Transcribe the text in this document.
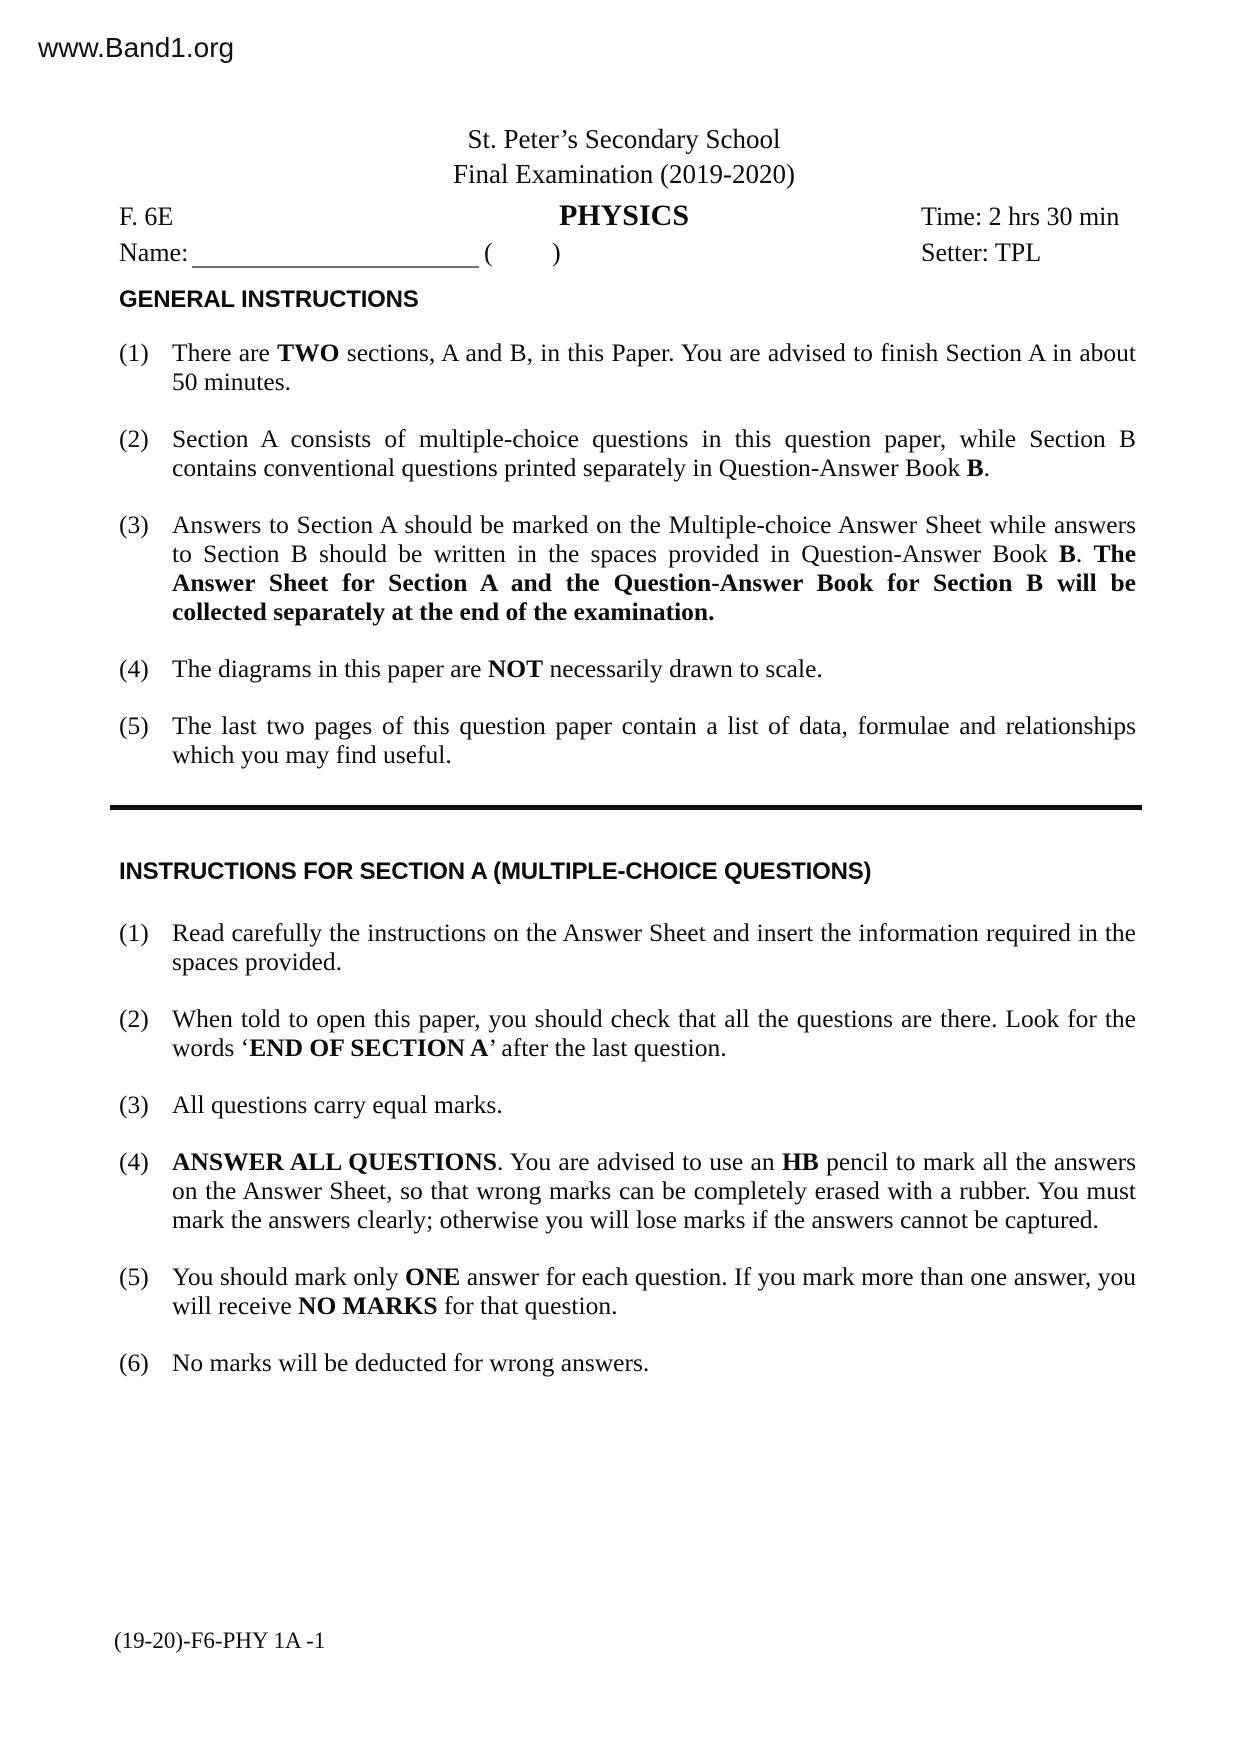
www.Band1.org
St. Peter’s Secondary School
Final Examination (2019-2020)
F. 6E	PHYSICS	Time: 2 hrs 30 min
Name:	( )	Setter: TPL
GENERAL INSTRUCTIONS
(1) There are TWO sections, A and B, in this Paper. You are advised to finish Section A in about 50 minutes.
(2) Section A consists of multiple-choice questions in this question paper, while Section B contains conventional questions printed separately in Question-Answer Book B.
(3) Answers to Section A should be marked on the Multiple-choice Answer Sheet while answers to Section B should be written in the spaces provided in Question-Answer Book B. The Answer Sheet for Section A and the Question-Answer Book for Section B will be collected separately at the end of the examination.
(4) The diagrams in this paper are NOT necessarily drawn to scale.
(5) The last two pages of this question paper contain a list of data, formulae and relationships which you may find useful.
INSTRUCTIONS FOR SECTION A (MULTIPLE-CHOICE QUESTIONS)
(1) Read carefully the instructions on the Answer Sheet and insert the information required in the spaces provided.
(2) When told to open this paper, you should check that all the questions are there. Look for the words ‘END OF SECTION A’ after the last question.
(3) All questions carry equal marks.
(4) ANSWER ALL QUESTIONS. You are advised to use an HB pencil to mark all the answers on the Answer Sheet, so that wrong marks can be completely erased with a rubber. You must mark the answers clearly; otherwise you will lose marks if the answers cannot be captured.
(5) You should mark only ONE answer for each question. If you mark more than one answer, you will receive NO MARKS for that question.
(6) No marks will be deducted for wrong answers.
(19-20)-F6-PHY 1A -1
